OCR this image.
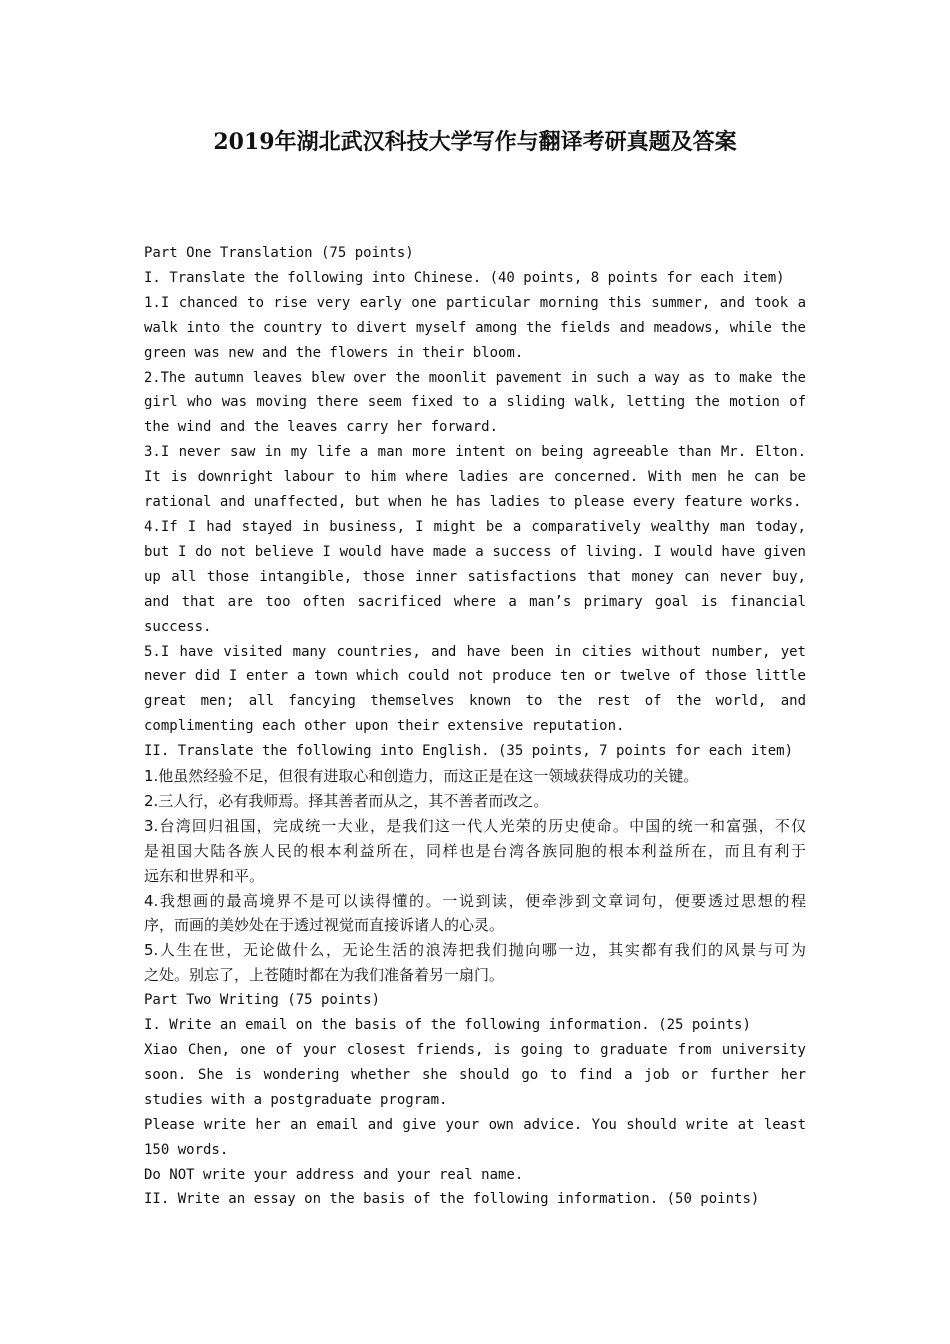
2019年湖北武汉科技大学写作与翻译考研真题及答案

Part One Translation (75 points)

I. Translate the following into Chinese. (40 points, 8 points for each item)

1.I chanced to rise very early one particular morning this summer, and took a

walk into the country to divert myself among the fields and meadows, while the

green was new and the flowers in their bloom.

2.The autumn leaves blew over the moonlit pavement in such a way as to make the

girl who was moving there seem fixed to a sliding walk, letting the motion of

the wind and the leaves carry her forward.

3.I never saw in my life a man more intent on being agreeable than Mr. Elton.

It is downright labour to him where ladies are concerned. With men he can be

rational and unaffected, but when he has ladies to please every feature works.

4.If I had stayed in business, I might be a comparatively wealthy man today,

but I do not believe I would have made a success of living. I would have given

up all those intangible, those inner satisfactions that money can never buy,

and that are too often sacrificed where a man’s primary goal is financial

success.

5.I have visited many countries, and have been in cities without number, yet

never did I enter a town which could not produce ten or twelve of those little

great men; all fancying themselves known to the rest of the world, and

complimenting each other upon their extensive reputation.

II. Translate the following into English. (35 points, 7 points for each item)

1.他虽然经验不足，但很有进取心和创造力，而这正是在这一领域获得成功的关键。

2.三人行，必有我师焉。择其善者而从之，其不善者而改之。

3.台湾回归祖国，完成统一大业，是我们这一代人光荣的历史使命。中国的统一和富强，不仅

是祖国大陆各族人民的根本利益所在，同样也是台湾各族同胞的根本利益所在，而且有利于

远东和世界和平。

4.我想画的最高境界不是可以读得懂的。一说到读，便牵涉到文章词句，便要透过思想的程

序，而画的美妙处在于透过视觉而直接诉诸人的心灵。

5.人生在世，无论做什么，无论生活的浪涛把我们抛向哪一边，其实都有我们的风景与可为

之处。别忘了，上苍随时都在为我们准备着另一扇门。

Part Two Writing (75 points)

I. Write an email on the basis of the following information. (25 points)

Xiao Chen, one of your closest friends, is going to graduate from university

soon. She is wondering whether she should go to find a job or further her

studies with a postgraduate program.

Please write her an email and give your own advice. You should write at least

150 words.

Do NOT write your address and your real name.

II. Write an essay on the basis of the following information. (50 points)
